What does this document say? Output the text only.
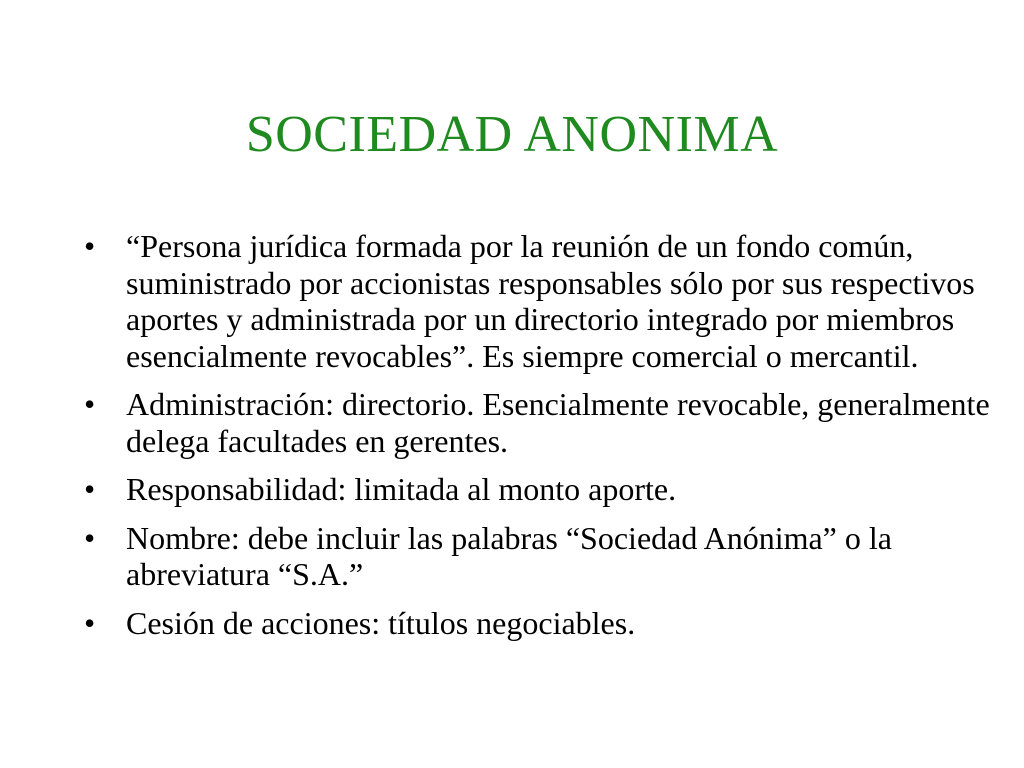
SOCIEDAD ANONIMA
• “Persona jurídica formada por la reunión de un fondo común, suministrado por accionistas responsables sólo por sus respectivos aportes y administrada por un directorio integrado por miembros esencialmente revocables”. Es siempre comercial o mercantil.
• Administración: directorio. Esencialmente revocable, generalmente delega facultades en gerentes.
• Responsabilidad: limitada al monto aporte.
• Nombre: debe incluir las palabras “Sociedad Anónima” o la abreviatura “S.A.”
• Cesión de acciones: títulos negociables.
